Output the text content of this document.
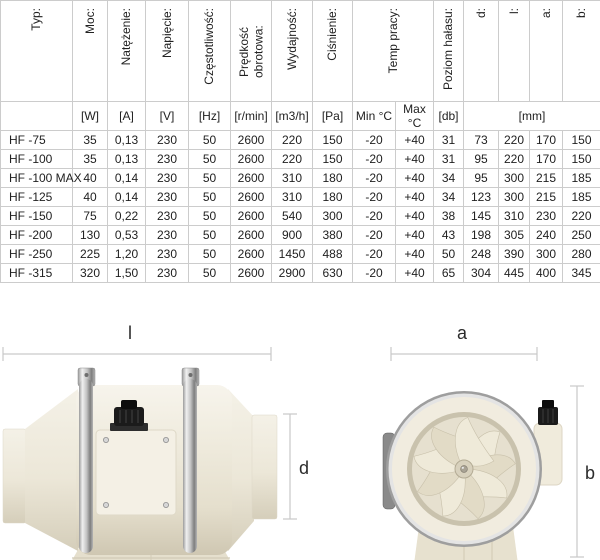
Typ:	Moc:	Natężenie:	Napięcie:	Częstotliwość:	Prędkość obrotowa:	Wydajność:	Ciśnienie:	Temp pracy:		Poziom hałasu:	d:	l:	a:	b:
	[W]	[A]	[V]	[Hz]	[r/min]	[m3/h]	[Pa]	Min °C	Max °C	[db]	[mm]			
HF -75	35	0,13	230	50	2600	220	150	-20	+40	31	73	220	170	150
HF -100	35	0,13	230	50	2600	220	150	-20	+40	31	95	220	170	150
HF -100 MAX	40	0,14	230	50	2600	310	180	-20	+40	34	95	300	215	185
HF -125	40	0,14	230	50	2600	310	180	-20	+40	34	123	300	215	185
HF -150	75	0,22	230	50	2600	540	300	-20	+40	38	145	310	230	220
HF -200	130	0,53	230	50	2600	900	380	-20	+40	43	198	305	240	250
HF -250	225	1,20	230	50	2600	1450	488	-20	+40	50	248	390	300	280
HF -315	320	1,50	230	50	2600	2900	630	-20	+40	65	304	445	400	345
l
d
a
b
